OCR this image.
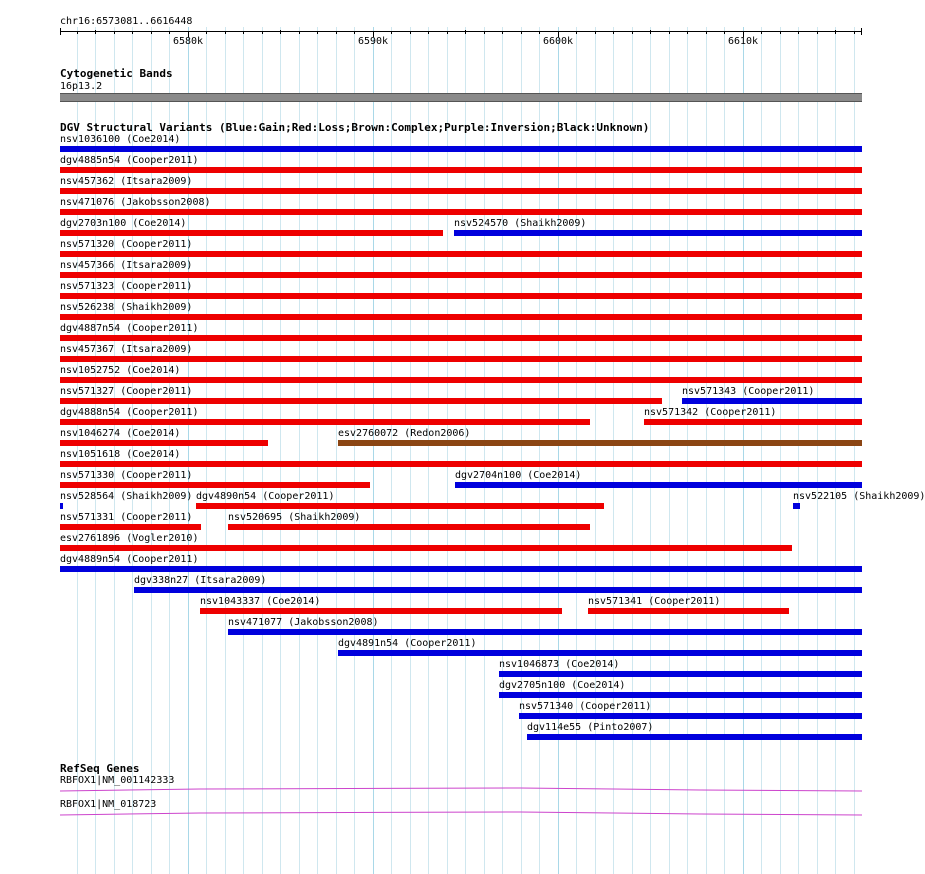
chr16:6573081..6616448
6580k	6590k	6600k	6610k
Cytogenetic Bands
16p13.2
DGV Structural Variants (Blue:Gain;Red:Loss;Brown:Complex;Purple:Inversion;Black:Unknown)
nsv1036100 (Coe2014)
dgv4885n54 (Cooper2011)
nsv457362 (Itsara2009)
nsv471076 (Jakobsson2008)
dgv2703n100 (Coe2014)	nsv524570 (Shaikh2009)
nsv571320 (Cooper2011)
nsv457366 (Itsara2009)
nsv571323 (Cooper2011)
nsv526238 (Shaikh2009)
dgv4887n54 (Cooper2011)
nsv457367 (Itsara2009)
nsv1052752 (Coe2014)
nsv571327 (Cooper2011)	nsv571343 (Cooper2011)
dgv4888n54 (Cooper2011)	nsv571342 (Cooper2011)
nsv1046274 (Coe2014)	esv2760072 (Redon2006)
nsv1051618 (Coe2014)
nsv571330 (Cooper2011)	dgv2704n100 (Coe2014)
nsv528564 (Shaikh2009) dgv4890n54 (Cooper2011)	nsv522105 (Shaikh2009)
nsv571331 (Cooper2011)	nsv520695 (Shaikh2009)
esv2761896 (Vogler2010)
dgv4889n54 (Cooper2011)
dgv338n27 (Itsara2009)
nsv1043337 (Coe2014)	nsv571341 (Cooper2011)
nsv471077 (Jakobsson2008)
dgv4891n54 (Cooper2011)
nsv1046873 (Coe2014)
dgv2705n100 (Coe2014)
nsv571340 (Cooper2011)
dgv114e55 (Pinto2007)
RefSeq Genes
RBFOX1|NM_001142333
RBFOX1|NM_018723
